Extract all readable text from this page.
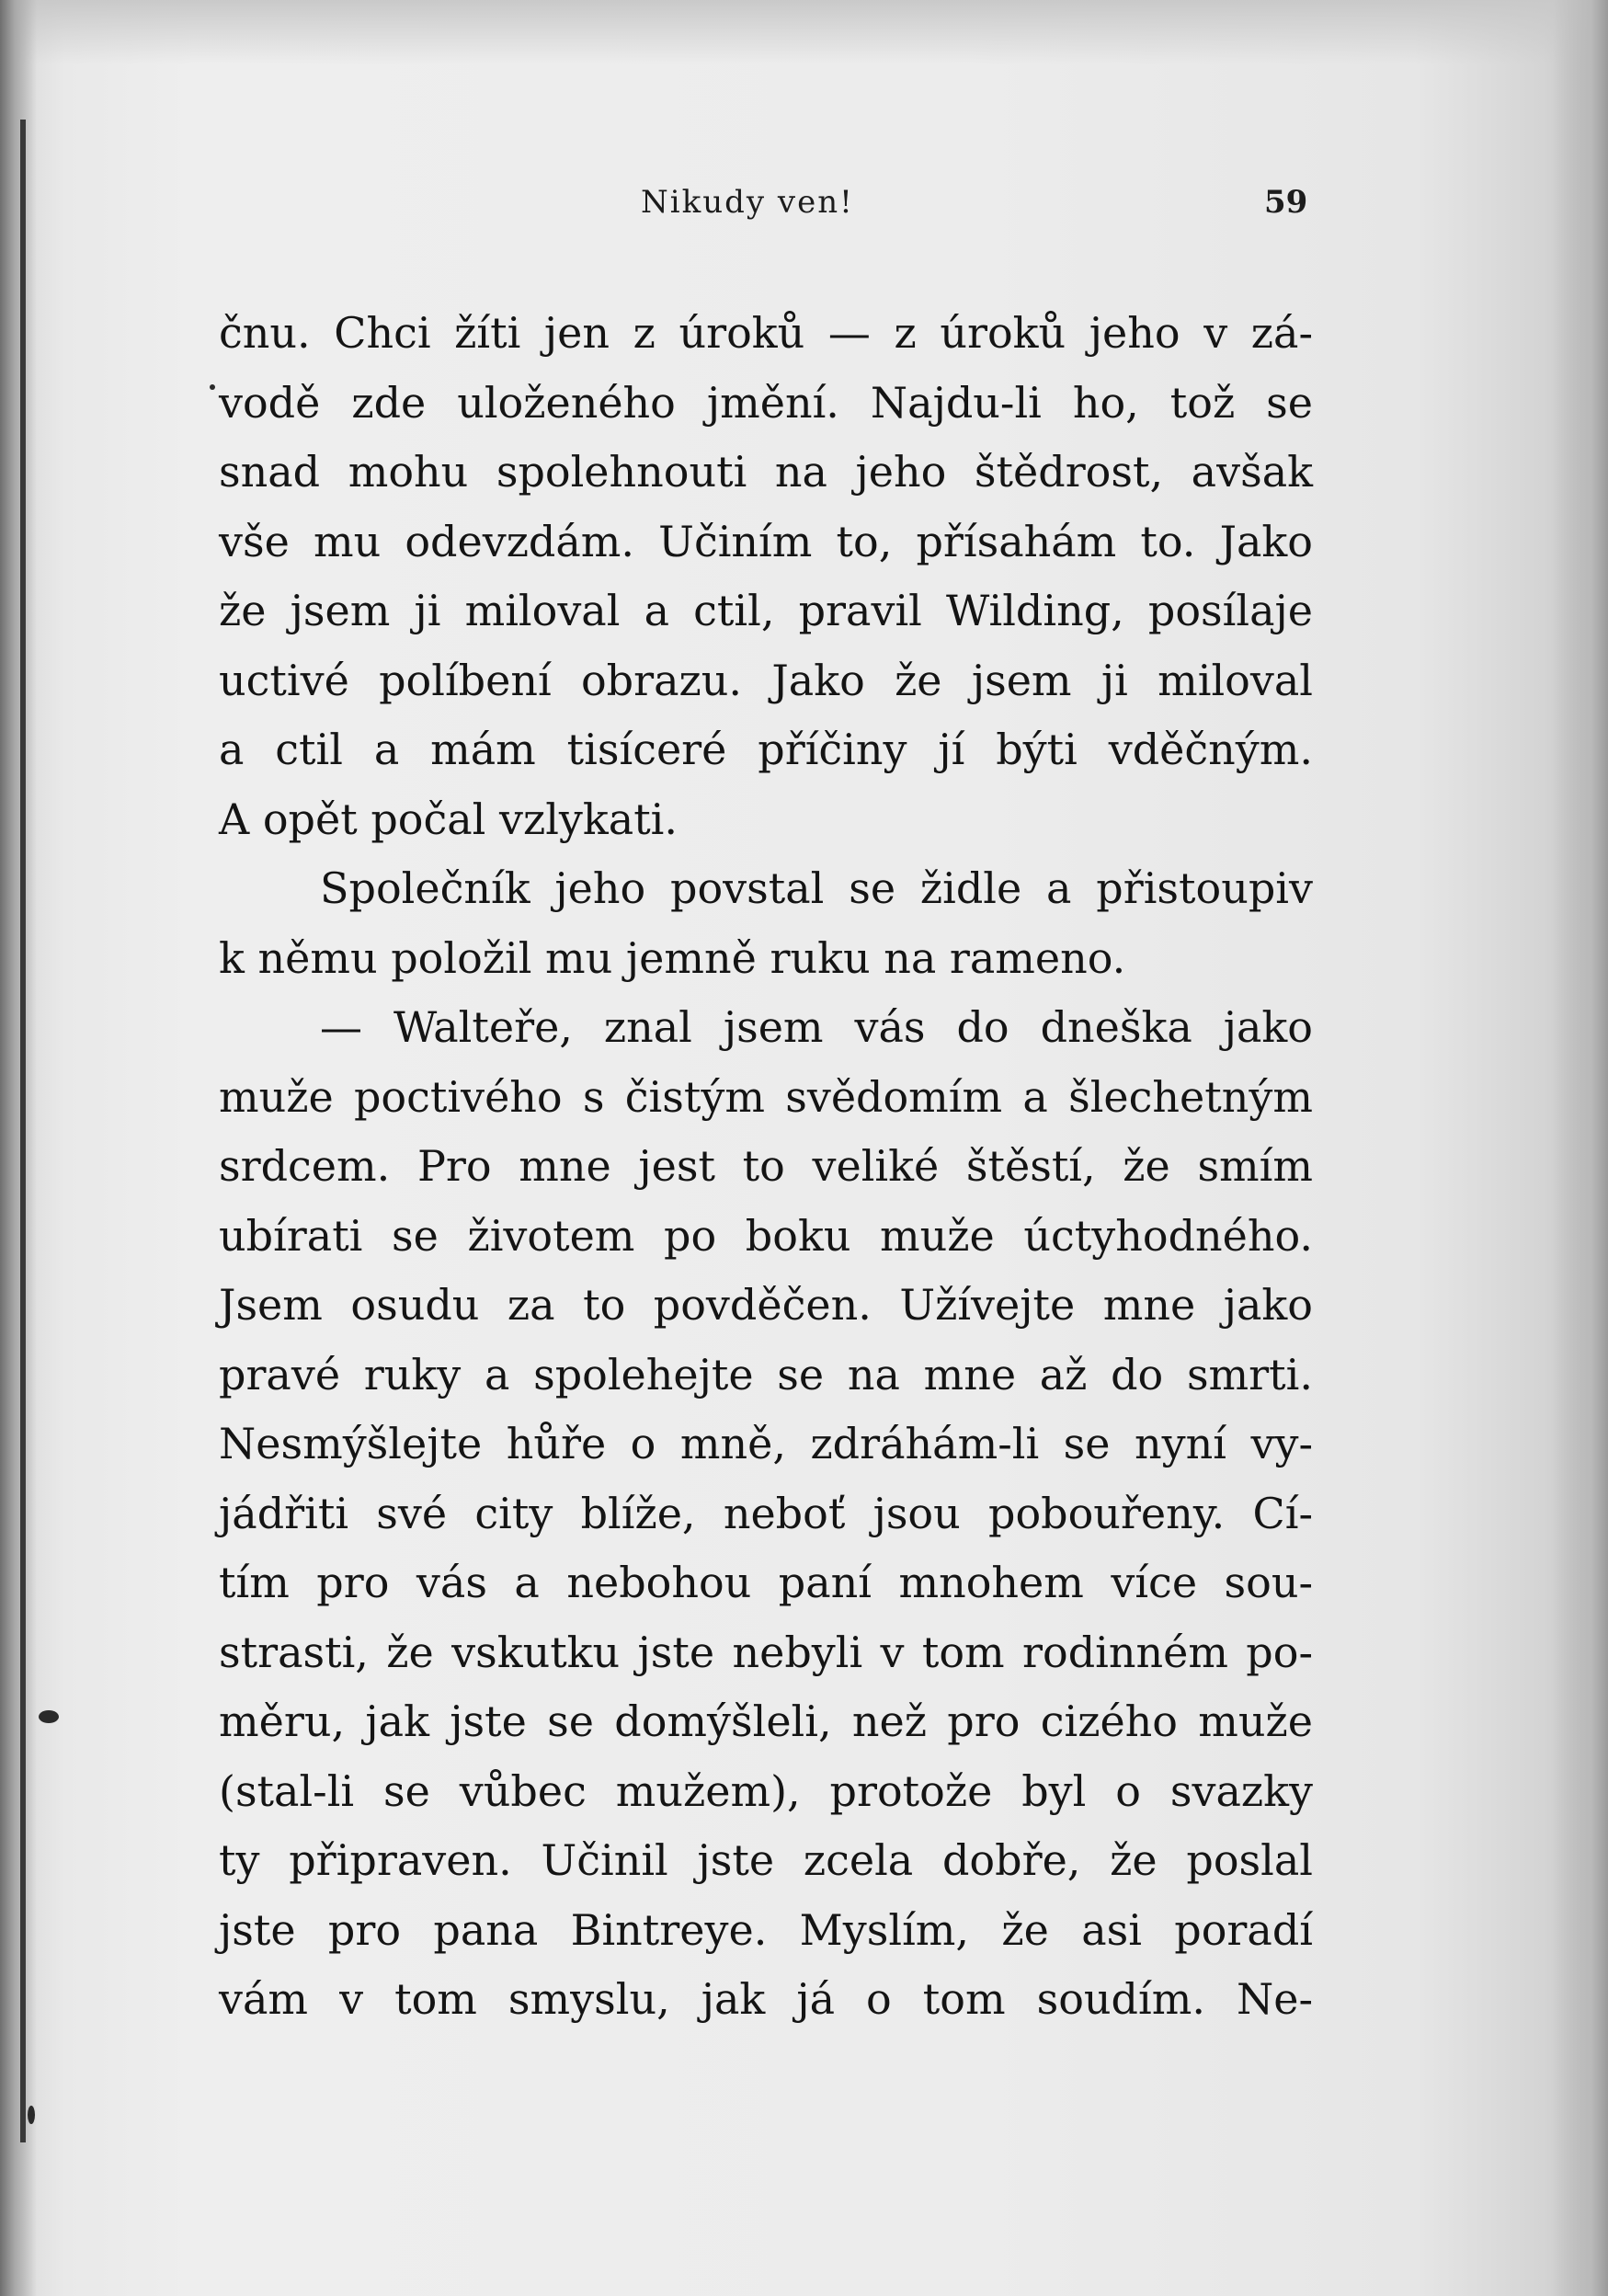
Nikudy ven!	59
čnu. Chci žíti jen z úroků — z úroků jeho v zá-
vodě zde uloženého jmění. Najdu-li ho, tož se
snad mohu spolehnouti na jeho štědrost, avšak
vše mu odevzdám. Učiním to, přísahám to. Jako
že jsem ji miloval a ctil, pravil Wilding, posílaje
uctivé políbení obrazu. Jako že jsem ji miloval
a ctil a mám tisíceré příčiny jí býti vděčným.
A opět počal vzlykati.
Společník jeho povstal se židle a přistoupiv
k němu položil mu jemně ruku na rameno.
— Walteře, znal jsem vás do dneška jako
muže poctivého s čistým svědomím a šlechetným
srdcem. Pro mne jest to veliké štěstí, že smím
ubírati se životem po boku muže úctyhodného.
Jsem osudu za to povděčen. Užívejte mne jako
pravé ruky a spolehejte se na mne až do smrti.
Nesmýšlejte hůře o mně, zdráhám-li se nyní vy-
jádřiti své city blíže, neboť jsou pobouřeny. Cí-
tím pro vás a nebohou paní mnohem více sou-
strasti, že vskutku jste nebyli v tom rodinném po-
měru, jak jste se domýšleli, než pro cizého muže
(stal-li se vůbec mužem), protože byl o svazky
ty připraven. Učinil jste zcela dobře, že poslal
jste pro pana Bintreye. Myslím, že asi poradí
vám v tom smyslu, jak já o tom soudím. Ne-
